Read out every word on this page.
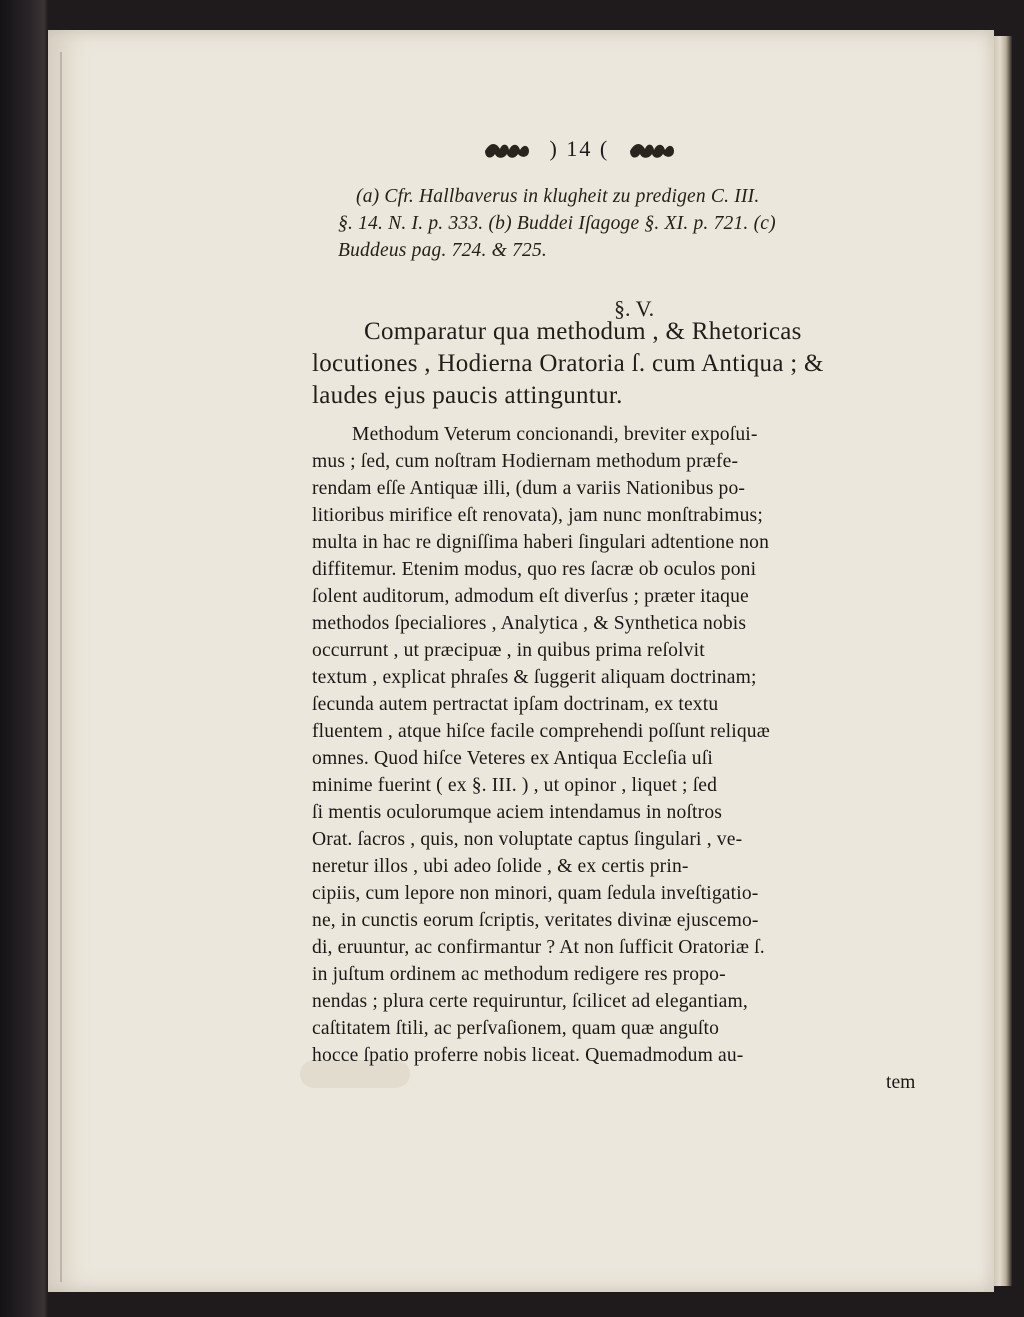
) 14 (
(a) Cfr. Hallbaverus in klugheit zu predigen C. III.
§. 14. N. I. p. 333. (b) Buddei Iſagoge §. XI. p. 721. (c)
Buddeus pag. 724. & 725.
§. V.
Comparatur qua methodum , & Rhetoricas
locutiones , Hodierna Oratoria ſ. cum Antiqua ; &
laudes ejus paucis attinguntur.
Methodum Veterum concionandi, breviter expoſui-
mus ; ſed, cum noſtram Hodiernam methodum præfe-
rendam eſſe Antiquæ illi, (dum a variis Nationibus po-
litioribus mirifice eſt renovata), jam nunc monſtrabimus;
multa in hac re digniſſima haberi ſingulari adtentione non
diffitemur. Etenim modus, quo res ſacræ ob oculos poni
ſolent auditorum, admodum eſt diverſus ; præter itaque
methodos ſpecialiores , Analytica , & Synthetica nobis
occurrunt , ut præcipuæ , in quibus prima reſolvit
textum , explicat phraſes & ſuggerit aliquam doctrinam;
ſecunda autem pertractat ipſam doctrinam, ex textu
fluentem , atque hiſce facile comprehendi poſſunt reliquæ
omnes. Quod hiſce Veteres ex Antiqua Eccleſia uſi
minime fuerint ( ex §. III. ) , ut opinor , liquet ; ſed
ſi mentis oculorumque aciem intendamus in noſtros
Orat. ſacros , quis, non voluptate captus ſingulari , ve-
neretur illos , ubi adeo ſolide , & ex certis prin-
cipiis, cum lepore non minori, quam ſedula inveſtigatio-
ne, in cunctis eorum ſcriptis, veritates divinæ ejuscemo-
di, eruuntur, ac confirmantur ? At non ſufficit Oratoriæ ſ.
in juſtum ordinem ac methodum redigere res propo-
nendas ; plura certe requiruntur, ſcilicet ad elegantiam,
caſtitatem ſtili, ac perſvaſionem, quam quæ anguſto
hocce ſpatio proferre nobis liceat. Quemadmodum au-
tem
